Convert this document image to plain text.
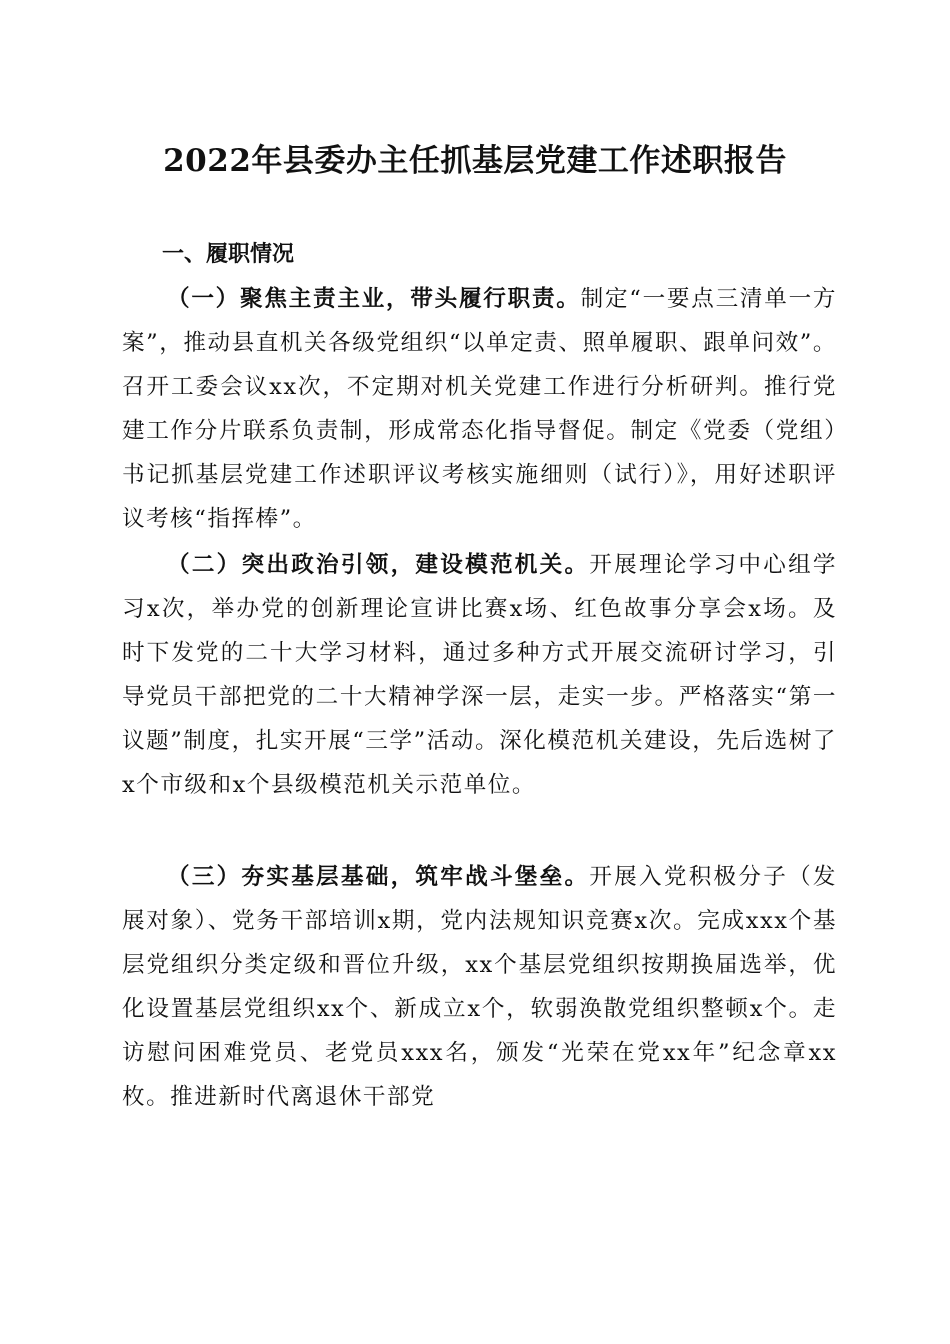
2022年县委办主任抓基层党建工作述职报告
一、履职情况

（一）聚焦主责主业，带头履行职责。制定“一要点三清单一方案”，推动县直机关各级党组织“以单定责、照单履职、跟单问效”。召开工委会议xx次，不定期对机关党建工作进行分析研判。推行党建工作分片联系负责制，形成常态化指导督促。制定《党委（党组）书记抓基层党建工作述职评议考核实施细则（试行）》，用好述职评议考核“指挥棒”。

（二）突出政治引领，建设模范机关。开展理论学习中心组学习x次，举办党的创新理论宣讲比赛x场、红色故事分享会x场。及时下发党的二十大学习材料，通过多种方式开展交流研讨学习，引导党员干部把党的二十大精神学深一层，走实一步。严格落实“第一议题”制度，扎实开展“三学”活动。深化模范机关建设，先后选树了x个市级和x个县级模范机关示范单位。

（三）夯实基层基础，筑牢战斗堡垒。开展入党积极分子（发展对象）、党务干部培训x期，党内法规知识竞赛x次。完成xxx个基层党组织分类定级和晋位升级，xx个基层党组织按期换届选举，优化设置基层党组织xx个、新成立x个，软弱涣散党组织整顿x个。走访慰问困难党员、老党员xxx名，颁发“光荣在党xx年”纪念章xx枚。推进新时代离退休干部党
